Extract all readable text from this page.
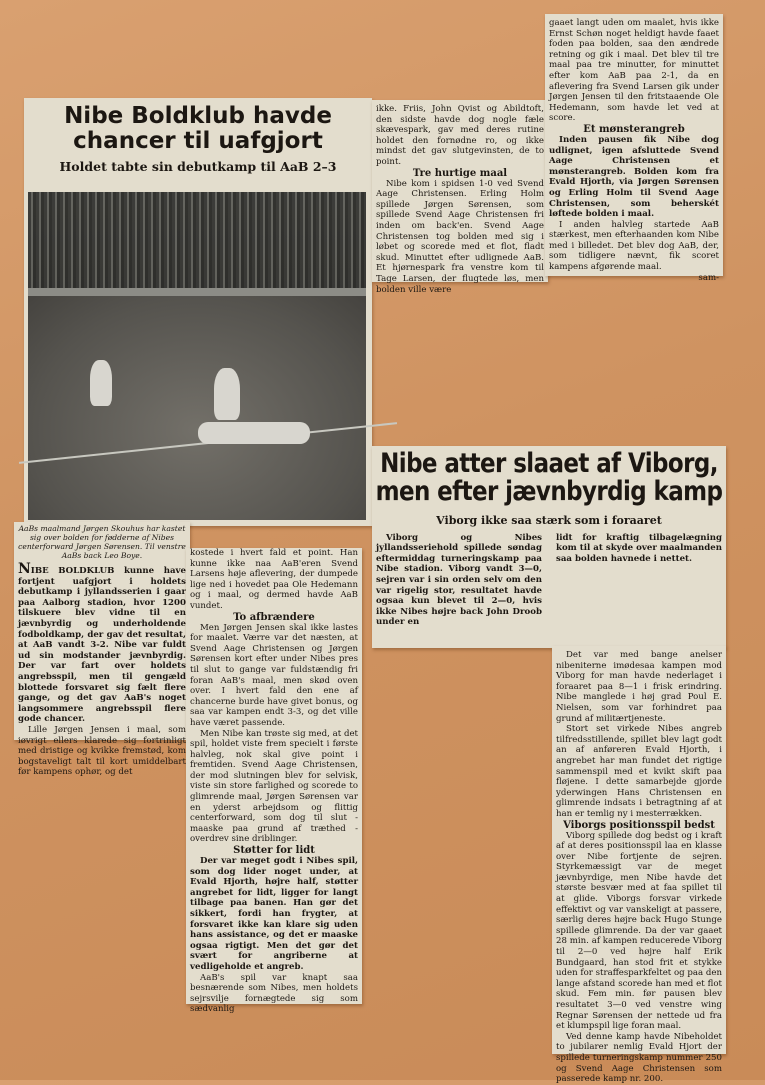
Nibe Boldklub havde

chancer til uafgjort

Holdet tabte sin debutkamp til AaB 2–3

AaBs maalmand Jørgen Skouhus har kastet sig over bolden for fødderne af Nibes centerforward Jørgen Sørensen. Til venstre AaBs back Leo Boye.

NIBE BOLDKLUB kunne have fortjent uafgjort i holdets debutkamp i jyllandsserien i gaar paa Aalborg stadion, hvor 1200 tilskuere blev vidne til en jævnbyrdig og underholdende fodboldkamp, der gav det resultat, at AaB vandt 3-2. Nibe var fuldt ud sin modstander jævnbyrdig. Der var fart over holdets angrebsspil, men til gengæld blottede forsvaret sig fælt flere gange, og det gav AaB's noget langsommere angrebsspil flere gode chancer.

Lille Jørgen Jensen i maal, som iøvrigt ellers klarede sig fortrinligt med dristige og kvikke fremstød, kom bogstaveligt talt til kort umiddelbart før kampens ophør, og det

kostede i hvert fald et point. Han kunne ikke naa AaB'eren Svend Larsens høje aflevering, der dumpede lige ned i hovedet paa Ole Hedemann og i maal, og dermed havde AaB vundet.

To afbrændere

Men Jørgen Jensen skal ikke lastes for maalet. Værre var det næsten, at Svend Aage Christensen og Jørgen Sørensen kort efter under Nibes pres til slut to gange var fuldstændig fri foran AaB's maal, men skød oven over. I hvert fald den ene af chancerne burde have givet bonus, og saa var kampen endt 3-3, og det ville have været passende.

Men Nibe kan trøste sig med, at det spil, holdet viste frem specielt i første halvleg, nok skal give point i fremtiden. Svend Aage Christensen, der mod slutningen blev for selvisk, viste sin store farlighed og scorede to glimrende maal, Jørgen Sørensen var en yderst arbejdsom og flittig centerforward, som dog til slut - maaske paa grund af træthed - overdrev sine driblinger.

Støtter for lidt

Der var meget godt i Nibes spil, som dog lider noget under, at Evald Hjorth, højre half, støtter angrebet for lidt, ligger for langt tilbage paa banen. Han gør det sikkert, fordi han frygter, at forsvaret ikke kan klare sig uden hans assistance, og det er maaske ogsaa rigtigt. Men det gør det svært for angriberne at vedligeholde et angreb.

AaB's spil var knapt saa besnærende som Nibes, men holdets sejrsvilje fornægtede sig som sædvanlig

ikke. Friis, John Qvist og Abildtoft, den sidste havde dog nogle fæle skævespark, gav med deres rutine holdet den fornødne ro, og ikke mindst det gav slutgevinsten, de to point.

Tre hurtige maal

Nibe kom i spidsen 1-0 ved Svend Aage Christensen. Erling Holm spillede Jørgen Sørensen, som spillede Svend Aage Christensen fri inden om back'en. Svend Aage Christensen tog bolden med sig i løbet og scorede med et flot, fladt skud. Minuttet efter udlignede AaB. Et hjørnespark fra venstre kom til Tage Larsen, der flugtede løs, men bolden ville være

gaaet langt uden om maalet, hvis ikke Ernst Schøn noget heldigt havde faaet foden paa bolden, saa den ændrede retning og gik i maal. Det blev til tre maal paa tre minutter, for minuttet efter kom AaB paa 2-1, da en aflevering fra Svend Larsen gik under Jørgen Jensen til den fritstaaende Ole Hedemann, som havde let ved at score.

Et mønsterangreb

Inden pausen fik Nibe dog udlignet, igen afsluttede Svend Aage Christensen et mønsterangreb. Bolden kom fra Evald Hjorth, via Jørgen Sørensen og Erling Holm til Svend Aage Christensen, som beherskét løftede bolden i maal.

I anden halvleg startede AaB stærkest, men efterhaanden kom Nibe med i billedet. Det blev dog AaB, der, som tidligere nævnt, fik scoret kampens afgørende maal.

sam-

Nibe atter slaaet af Viborg,

men efter jævnbyrdig kamp

Viborg ikke saa stærk som i foraaret

Viborg og Nibes jyllandsseriehold spillede søndag eftermiddag turneringskamp paa Nibe stadion. Viborg vandt 3—0, sejren var i sin orden selv om den var rigelig stor, resultatet havde ogsaa kun blevet til 2—0, hvis ikke Nibes højre back John Droob under en

lidt for kraftig tilbagelægning kom til at skyde over maalmanden saa bolden havnede i nettet.

Det var med bange anelser nibeniterne imødesaa kampen mod Viborg for man havde nederlaget i foraaret paa 8—1 i frisk erindring. Nibe manglede i høj grad Poul E. Nielsen, som var forhindret paa grund af militærtjeneste.

Stort set virkede Nibes angreb tilfredsstillende, spillet blev lagt godt an af anføreren Evald Hjorth, i angrebet har man fundet det rigtige sammenspil med et kvikt skift paa fløjene. I dette samarbejde gjorde yderwingen Hans Christensen en glimrende indsats i betragtning af at han er temlig ny i mesterrækken.

Viborgs positionsspil bedst

Viborg spillede dog bedst og i kraft af at deres positionsspil laa en klasse over Nibe fortjente de sejren. Styrkemæssigt var de meget jævnbyrdige, men Nibe havde det største besvær med at faa spillet til at glide. Viborgs forsvar virkede effektivt og var vanskeligt at passere, særlig deres højre back Hugo Stunge spillede glimrende. Da der var gaaet 28 min. af kampen reducerede Viborg til 2—0 ved højre half Erik Bundgaard, han stod frit et stykke uden for straffesparkfeltet og paa den lange afstand scorede han med et flot skud. Fem min. før pausen blev resultatet 3—0 ved venstre wing Regnar Sørensen der nettede ud fra et klumpspil lige foran maal.

Ved denne kamp havde Nibeholdet to jubilarer nemlig Evald Hjort der spillede turneringskamp nummer 250 og Svend Aage Christensen som passerede kamp nr. 200.
